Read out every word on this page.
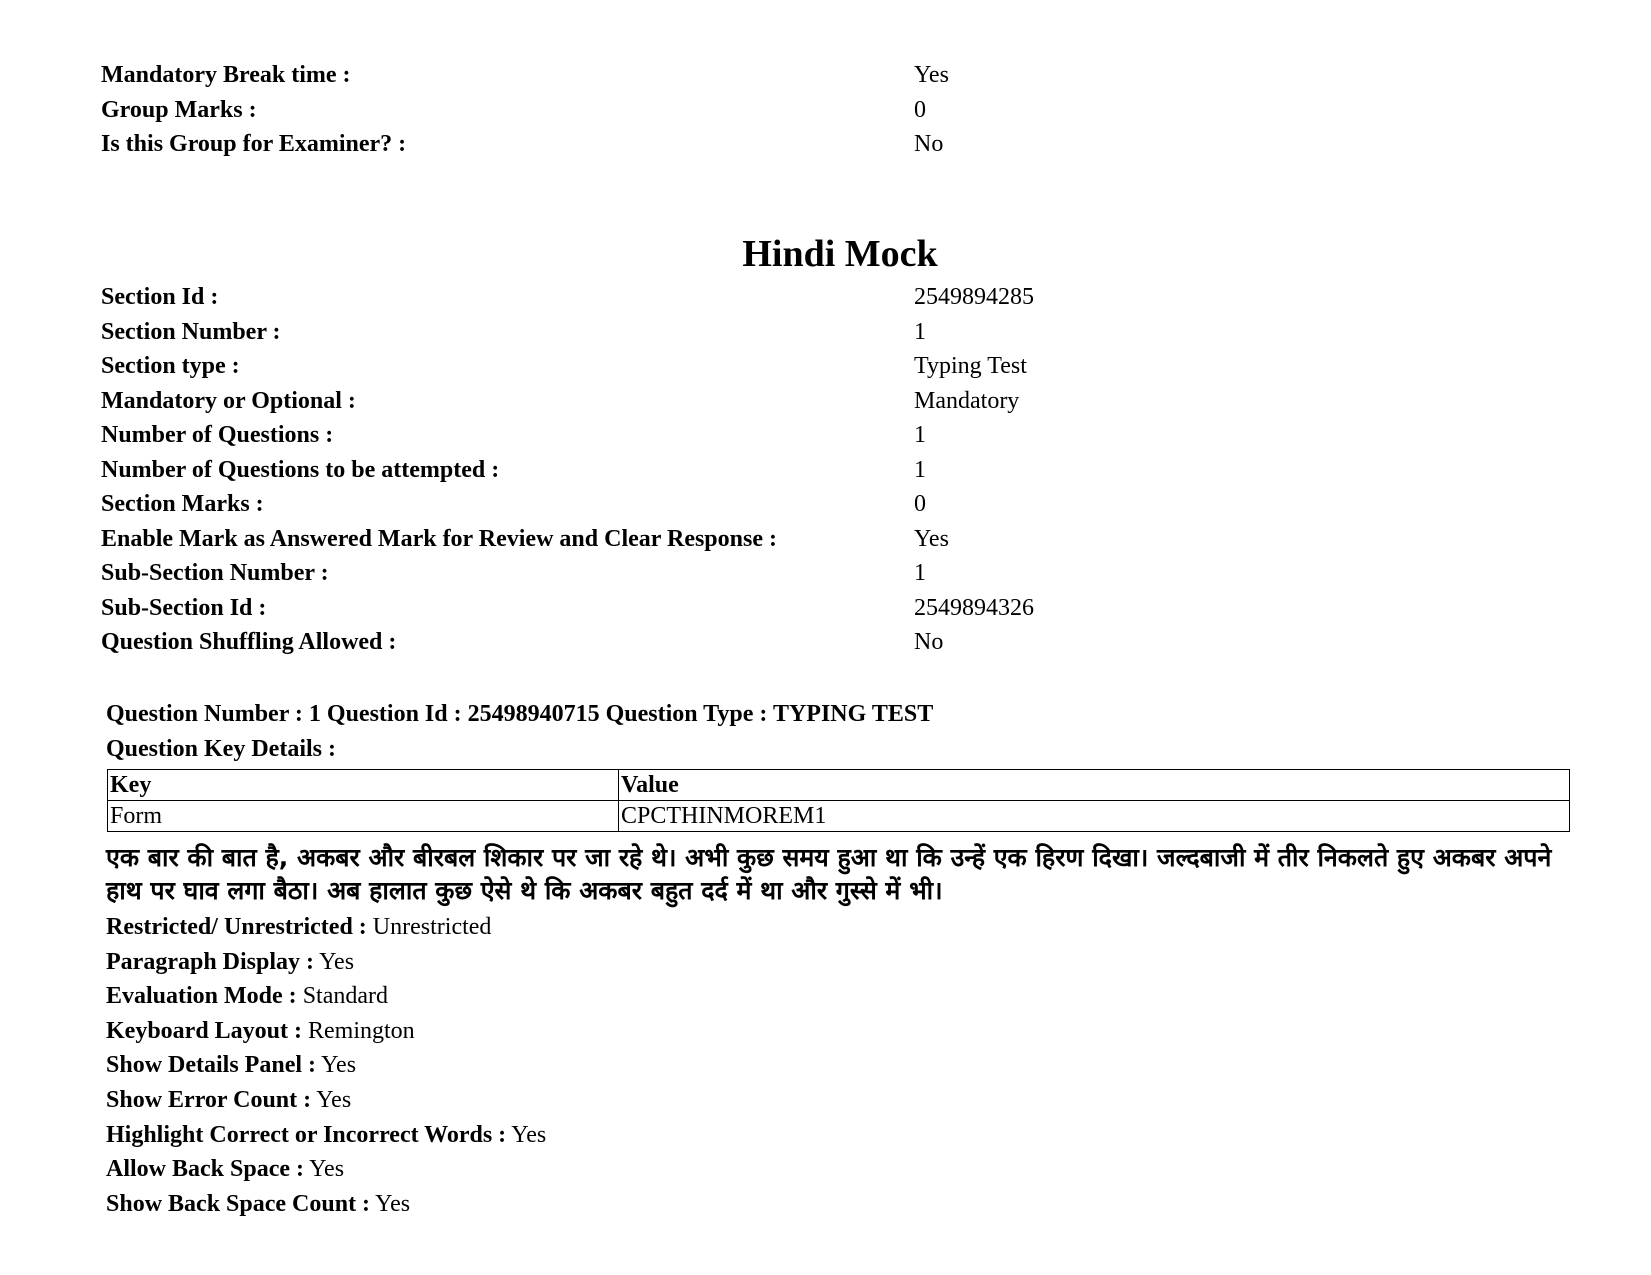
Mandatory Break time :	Yes
Group Marks :	0
Is this Group for Examiner? :	No
Hindi Mock
Section Id :	2549894285
Section Number :	1
Section type :	Typing Test
Mandatory or Optional :	Mandatory
Number of Questions :	1
Number of Questions to be attempted :	1
Section Marks :	0
Enable Mark as Answered Mark for Review and Clear Response :	Yes
Sub-Section Number :	1
Sub-Section Id :	2549894326
Question Shuffling Allowed :	No
Question Number : 1 Question Id : 25498940715 Question Type : TYPING TEST
Question Key Details :
Key	Value
Form	CPCTHINMOREM1
एक बार की बात है, अकबर और बीरबल शिकार पर जा रहे थे। अभी कुछ समय हुआ था कि उन्हें एक हिरण दिखा। जल्दबाजी में तीर निकलते हुए अकबर अपने हाथ पर घाव लगा बैठा। अब हालात कुछ ऐसे थे कि अकबर बहुत दर्द में था और गुस्से में भी।
Restricted/ Unrestricted : Unrestricted
Paragraph Display : Yes
Evaluation Mode : Standard
Keyboard Layout : Remington
Show Details Panel : Yes
Show Error Count : Yes
Highlight Correct or Incorrect Words : Yes
Allow Back Space : Yes
Show Back Space Count : Yes
